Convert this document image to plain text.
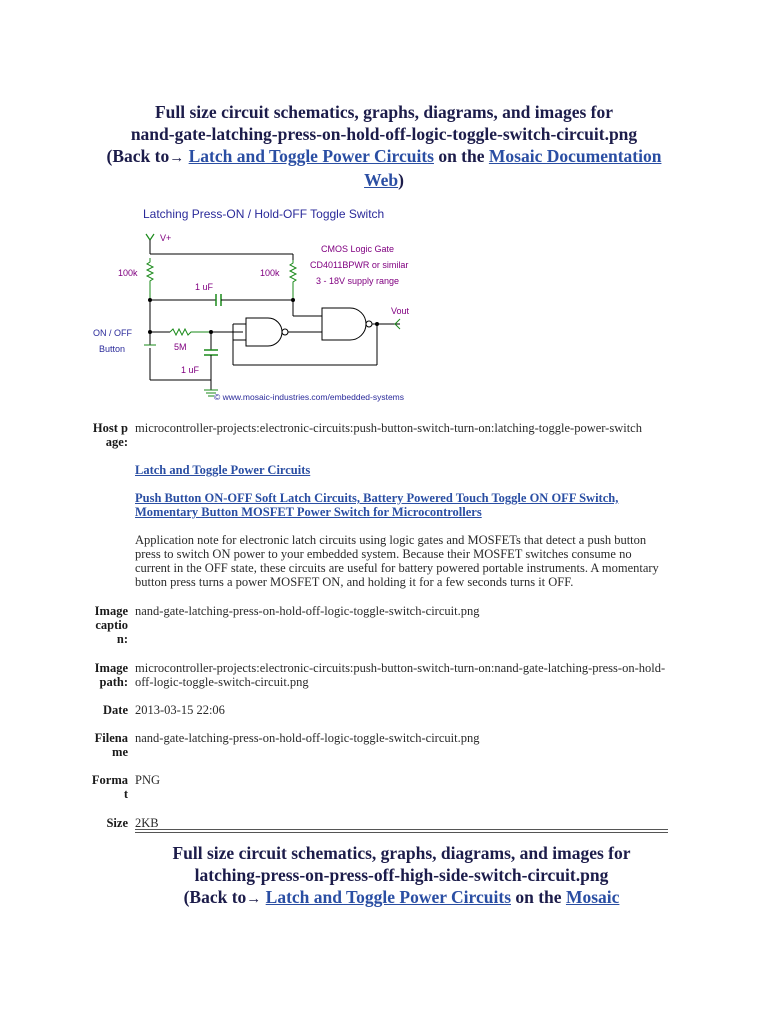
Full size circuit schematics, graphs, diagrams, and images for
nand-gate-latching-press-on-hold-off-logic-toggle-switch-circuit.png
(Back to→ Latch and Toggle Power Circuits on the Mosaic Documentation
Web)
Latching Press-ON / Hold-OFF Toggle Switch
V+
100k	100k
1 uF
CMOS Logic Gate
CD4011BPWR or similar
3 - 18V supply range
5M
Vout
1 uF
ON / OFF
Button
© www.mosaic-industries.com/embedded-systems
Host page:
microcontroller-projects:electronic-circuits:push-button-switch-turn-on:latching-toggle-power-switch
Latch and Toggle Power Circuits
Push Button ON-OFF Soft Latch Circuits, Battery Powered Touch Toggle ON OFF Switch, Momentary Button MOSFET Power Switch for Microcontrollers
Application note for electronic latch circuits using logic gates and MOSFETs that detect a push button press to switch ON power to your embedded system. Because their MOSFET switches consume no current in the OFF state, these circuits are useful for battery powered portable instruments. A momentary button press turns a power MOSFET ON, and holding it for a few seconds turns it OFF.
Image caption:
nand-gate-latching-press-on-hold-off-logic-toggle-switch-circuit.png
Image path:
microcontroller-projects:electronic-circuits:push-button-switch-turn-on:nand-gate-latching-press-on-hold-off-logic-toggle-switch-circuit.png
Date 2013-03-15 22:06
Filename
nand-gate-latching-press-on-hold-off-logic-toggle-switch-circuit.png
Format
PNG
Size 2KB
Full size circuit schematics, graphs, diagrams, and images for
latching-press-on-press-off-high-side-switch-circuit.png
(Back to→ Latch and Toggle Power Circuits on the Mosaic
